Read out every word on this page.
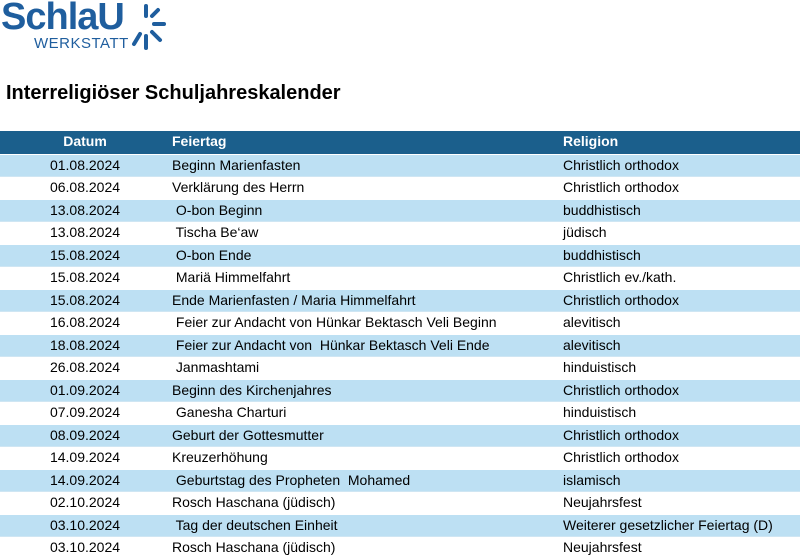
SchlaU
WERKSTATT
Interreligiöser Schuljahreskalender
Datum	Feiertag	Religion
01.08.2024	Beginn Marienfasten	Christlich orthodox
06.08.2024	Verklärung des Herrn	Christlich orthodox
13.08.2024	O-bon Beginn	buddhistisch
13.08.2024	Tischa Be‘aw	jüdisch
15.08.2024	O-bon Ende	buddhistisch
15.08.2024	Mariä Himmelfahrt	Christlich ev./kath.
15.08.2024	Ende Marienfasten / Maria Himmelfahrt	Christlich orthodox
16.08.2024	Feier zur Andacht von Hünkar Bektasch Veli Beginn	alevitisch
18.08.2024	Feier zur Andacht von  Hünkar Bektasch Veli Ende	alevitisch
26.08.2024	Janmashtami	hinduistisch
01.09.2024	Beginn des Kirchenjahres	Christlich orthodox
07.09.2024	Ganesha Charturi	hinduistisch
08.09.2024	Geburt der Gottesmutter	Christlich orthodox
14.09.2024	Kreuzerhöhung	Christlich orthodox
14.09.2024	Geburtstag des Propheten  Mohamed	islamisch
02.10.2024	Rosch Haschana (jüdisch)	Neujahrsfest
03.10.2024	Tag der deutschen Einheit	Weiterer gesetzlicher Feiertag (D)
03.10.2024	Rosch Haschana (jüdisch)	Neujahrsfest
